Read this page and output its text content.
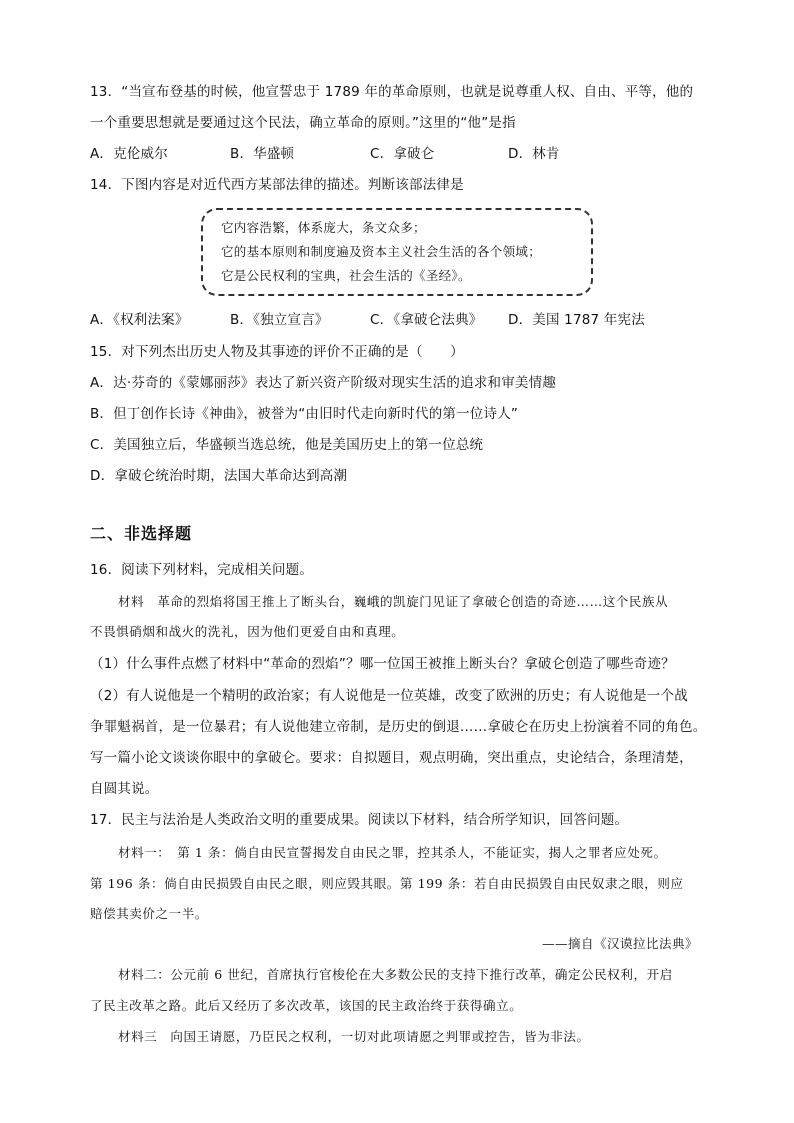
13．“当宣布登基的时候，他宣誓忠于 1789 年的革命原则，也就是说尊重人权、自由、平等，他的
一个重要思想就是要通过这个民法，确立革命的原则。”这里的“他”是指
A．克伦威尔	B．华盛顿	C．拿破仑	D．林肯
14．下图内容是对近代西方某部法律的描述。判断该部法律是
它内容浩繁，体系庞大，条文众多；
它的基本原则和制度遍及资本主义社会生活的各个领域；
它是公民权利的宝典，社会生活的《圣经》。
A．《权利法案》	B．《独立宣言》	C．《拿破仑法典》	D．美国 1787 年宪法
15．对下列杰出历史人物及其事迹的评价不正确的是（　　）
A．达·芬奇的《蒙娜丽莎》表达了新兴资产阶级对现实生活的追求和审美情趣
B．但丁创作长诗《神曲》，被誉为“由旧时代走向新时代的第一位诗人”
C．美国独立后，华盛顿当选总统，他是美国历史上的第一位总统
D．拿破仑统治时期，法国大革命达到高潮
二、非选择题
16．阅读下列材料，完成相关问题。
材料　革命的烈焰将国王推上了断头台，巍峨的凯旋门见证了拿破仑创造的奇迹……这个民族从
不畏惧硝烟和战火的洗礼，因为他们更爱自由和真理。
（1）什么事件点燃了材料中“革命的烈焰”？哪一位国王被推上断头台？拿破仑创造了哪些奇迹？
（2）有人说他是一个精明的政治家；有人说他是一位英雄，改变了欧洲的历史；有人说他是一个战
争罪魁祸首，是一位暴君；有人说他建立帝制，是历史的倒退……拿破仑在历史上扮演着不同的角色。
写一篇小论文谈谈你眼中的拿破仑。要求：自拟题目，观点明确，突出重点，史论结合，条理清楚，
自圆其说。
17．民主与法治是人类政治文明的重要成果。阅读以下材料，结合所学知识，回答问题。
材料一：　第 1 条：倘自由民宣誓揭发自由民之罪，控其杀人，不能证实，揭人之罪者应处死。
第 196 条：倘自由民损毁自由民之眼，则应毁其眼。第 199 条：若自由民损毁自由民奴隶之眼，则应
赔偿其卖价之一半。
——摘自《汉谟拉比法典》
材料二：公元前 6 世纪，首席执行官梭伦在大多数公民的支持下推行改革，确定公民权利，开启
了民主改革之路。此后又经历了多次改革，该国的民主政治终于获得确立。
材料三　向国王请愿，乃臣民之权利，一切对此项请愿之判罪或控告，皆为非法。
